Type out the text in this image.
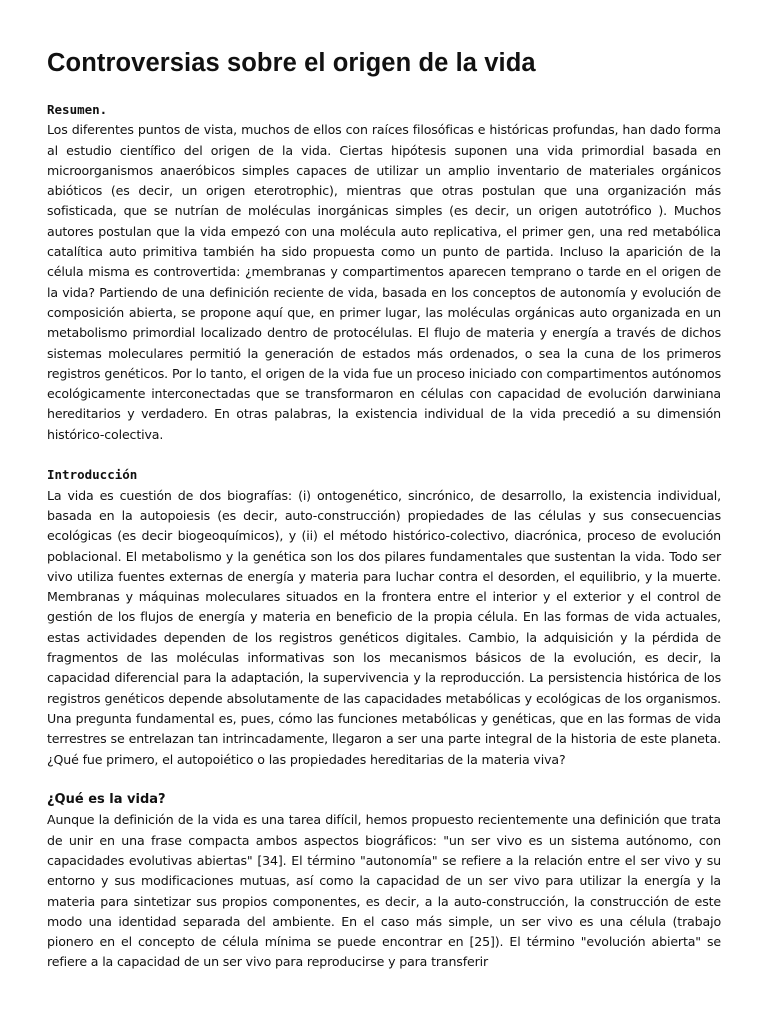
Controversias sobre el origen de la vida

Resumen.

Los diferentes puntos de vista, muchos de ellos con raíces filosóficas e históricas profundas, han dado forma al estudio científico del origen de la vida. Ciertas hipótesis suponen una vida primordial basada en microorganismos anaeróbicos simples capaces de utilizar un amplio inventario de materiales orgánicos abióticos (es decir, un origen eterotrophic), mientras que otras postulan que una organización más sofisticada, que se nutrían de moléculas inorgánicas simples (es decir, un origen autotrófico ). Muchos autores postulan que la vida empezó con una molécula auto replicativa, el primer gen, una red metabólica catalítica auto primitiva también ha sido propuesta como un punto de partida. Incluso la aparición de la célula misma es controvertida: ¿membranas y compartimentos aparecen temprano o tarde en el origen de la vida? Partiendo de una definición reciente de vida, basada en los conceptos de autonomía y evolución de composición abierta, se propone aquí que, en primer lugar, las moléculas orgánicas auto organizada en un metabolismo primordial localizado dentro de protocélulas. El flujo de materia y energía a través de dichos sistemas moleculares permitió la generación de estados más ordenados, o sea la cuna de los primeros registros genéticos. Por lo tanto, el origen de la vida fue un proceso iniciado con compartimentos autónomos ecológicamente interconectadas que se transformaron en células con capacidad de evolución darwiniana hereditarios y verdadero. En otras palabras, la existencia individual de la vida precedió a su dimensión histórico-colectiva.

Introducción

La vida es cuestión de dos biografías: (i) ontogenético, sincrónico, de desarrollo, la existencia individual, basada en la autopoiesis (es decir, auto-construcción) propiedades de las células y sus consecuencias ecológicas (es decir biogeoquímicos), y (ii) el método histórico-colectivo, diacrónica, proceso de evolución poblacional. El metabolismo y la genética son los dos pilares fundamentales que sustentan la vida. Todo ser vivo utiliza fuentes externas de energía y materia para luchar contra el desorden, el equilibrio, y la muerte. Membranas y máquinas moleculares situados en la frontera entre el interior y el exterior y el control de gestión de los flujos de energía y materia en beneficio de la propia célula. En las formas de vida actuales, estas actividades dependen de los registros genéticos digitales. Cambio, la adquisición y la pérdida de fragmentos de las moléculas informativas son los mecanismos básicos de la evolución, es decir, la capacidad diferencial para la adaptación, la supervivencia y la reproducción. La persistencia histórica de los registros genéticos depende absolutamente de las capacidades metabólicas y ecológicas de los organismos. Una pregunta fundamental es, pues, cómo las funciones metabólicas y genéticas, que en las formas de vida terrestres se entrelazan tan intrincadamente, llegaron a ser una parte integral de la historia de este planeta. ¿Qué fue primero, el autopoiético o las propiedades hereditarias de la materia viva?

¿Qué es la vida?

Aunque la definición de la vida es una tarea difícil, hemos propuesto recientemente una definición que trata de unir en una frase compacta ambos aspectos biográficos: "un ser vivo es un sistema autónomo, con capacidades evolutivas abiertas" [34]. El término "autonomía" se refiere a la relación entre el ser vivo y su entorno y sus modificaciones mutuas, así como la capacidad de un ser vivo para utilizar la energía y la materia para sintetizar sus propios componentes, es decir, a la auto-construcción, la construcción de este modo una identidad separada del ambiente. En el caso más simple, un ser vivo es una célula (trabajo pionero en el concepto de célula mínima se puede encontrar en [25]). El término "evolución abierta" se refiere a la capacidad de un ser vivo para reproducirse y para transferir
